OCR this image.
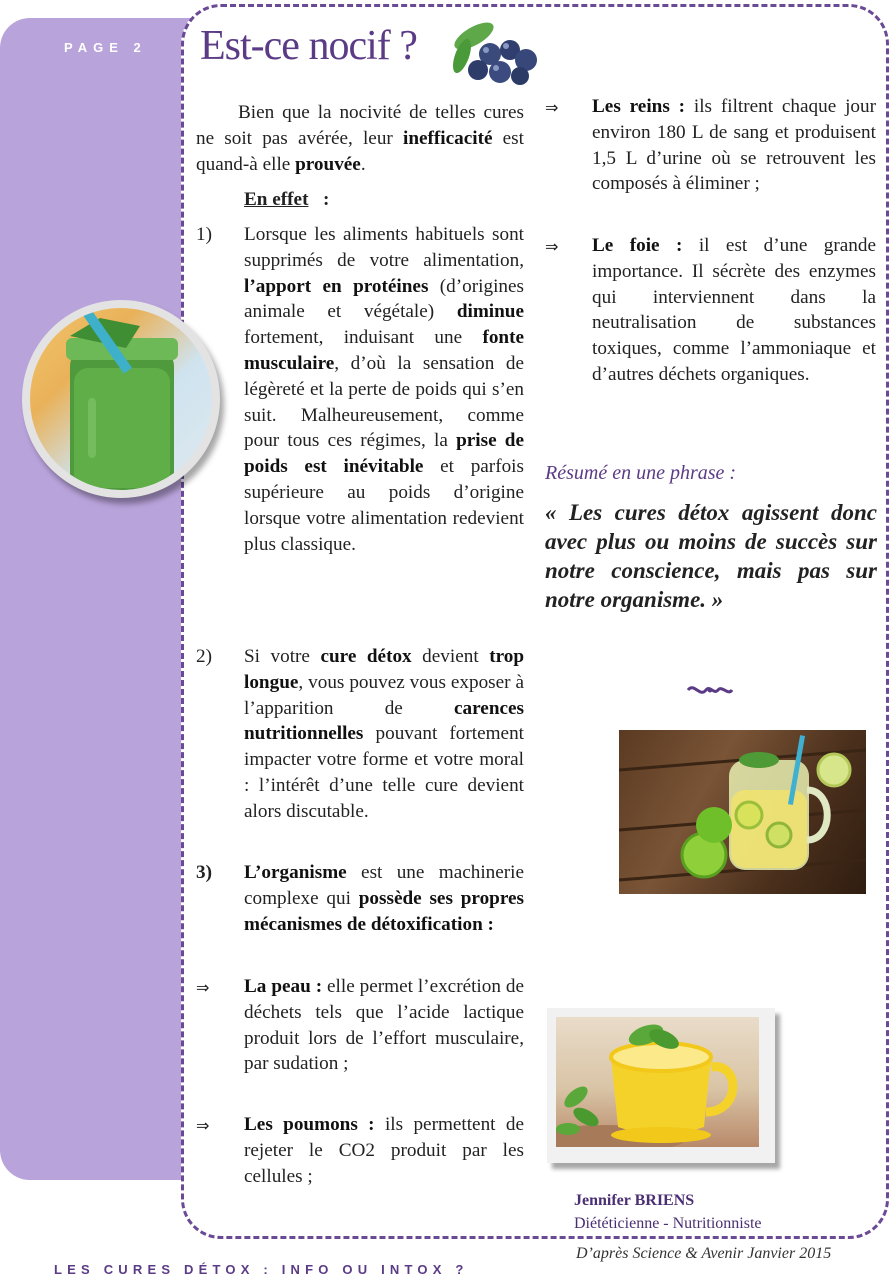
PAGE 2 Est-ce nocif ?
Bien que la nocivité de telles cures ne soit pas avérée, leur inefficacité est quand-à elle prouvée.
En effet :
1) Lorsque les aliments habituels sont supprimés de votre alimentation, l’apport en protéines (d’origines animale et végétale) diminue fortement, induisant une fonte musculaire, d’où la sensation de légèreté et la perte de poids qui s’en suit. Malheureusement, comme pour tous ces régimes, la prise de poids est inévitable et parfois supérieure au poids d’origine lorsque votre alimentation redevient plus classique.
2) Si votre cure détox devient trop longue, vous pouvez vous exposer à l’apparition de carences nutritionnelles pouvant fortement impacter votre forme et votre moral : l’intérêt d’une telle cure devient alors discutable.
3) L’organisme est une machinerie complexe qui possède ses propres mécanismes de détoxification :
⇒ La peau : elle permet l’excrétion de déchets tels que l’acide lactique produit lors de l’effort musculaire, par sudation ;
⇒ Les poumons : ils permettent de rejeter le CO2 produit par les cellules ;
⇒ Les reins : ils filtrent chaque jour environ 180 L de sang et produisent 1,5 L d’urine où se retrouvent les composés à éliminer ;
⇒ Le foie : il est d’une grande importance. Il sécrète des enzymes qui interviennent dans la neutralisation de substances toxiques, comme l’ammoniaque et d’autres déchets organiques.
Résumé en une phrase :
« Les cures détox agissent donc avec plus ou moins de succès sur notre conscience, mais pas sur notre organisme. »
Jennifer BRIENS
Diététicienne - Nutritionniste
D’après Science & Avenir Janvier 2015
LES CURES DÉTOX : INFO OU INTOX ?
